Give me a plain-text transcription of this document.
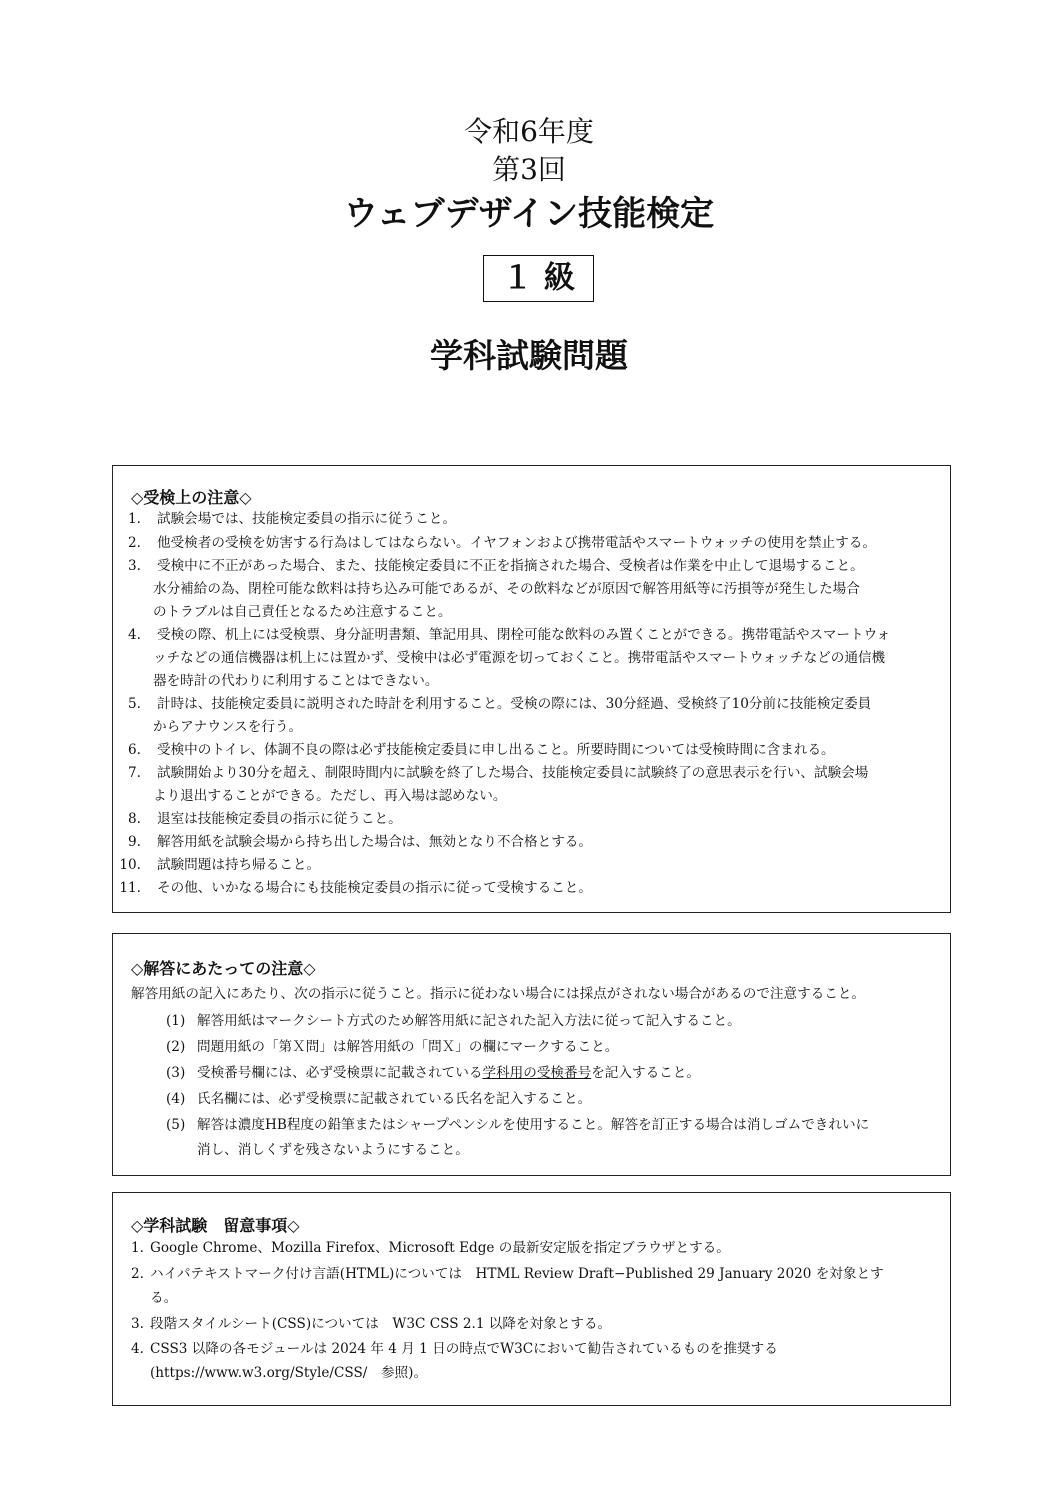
令和6年度
第3回
ウェブデザイン技能検定
１ 級
学科試験問題
◇受検上の注意◇
1. 試験会場では、技能検定委員の指示に従うこと。
2. 他受検者の受検を妨害する行為はしてはならない。イヤフォンおよび携帯電話やスマートウォッチの使用を禁止する。
3. 受検中に不正があった場合、また、技能検定委員に不正を指摘された場合、受検者は作業を中止して退場すること。
水分補給の為、閉栓可能な飲料は持ち込み可能であるが、その飲料などが原因で解答用紙等に汚損等が発生した場合
のトラブルは自己責任となるため注意すること。
4. 受検の際、机上には受検票、身分証明書類、筆記用具、閉栓可能な飲料のみ置くことができる。携帯電話やスマートウォ
ッチなどの通信機器は机上には置かず、受検中は必ず電源を切っておくこと。携帯電話やスマートウォッチなどの通信機
器を時計の代わりに利用することはできない。
5. 計時は、技能検定委員に説明された時計を利用すること。受検の際には、30分経過、受検終了10分前に技能検定委員
からアナウンスを行う。
6. 受検中のトイレ、体調不良の際は必ず技能検定委員に申し出ること。所要時間については受検時間に含まれる。
7. 試験開始より30分を超え、制限時間内に試験を終了した場合、技能検定委員に試験終了の意思表示を行い、試験会場
より退出することができる。ただし、再入場は認めない。
8. 退室は技能検定委員の指示に従うこと。
9. 解答用紙を試験会場から持ち出した場合は、無効となり不合格とする。
10. 試験問題は持ち帰ること。
11. その他、いかなる場合にも技能検定委員の指示に従って受検すること。
◇解答にあたっての注意◇
解答用紙の記入にあたり、次の指示に従うこと。指示に従わない場合には採点がされない場合があるので注意すること。
(1) 解答用紙はマークシート方式のため解答用紙に記された記入方法に従って記入すること。
(2) 問題用紙の「第Ｘ問」は解答用紙の「問Ｘ」の欄にマークすること。
(3) 受検番号欄には、必ず受検票に記載されている学科用の受検番号を記入すること。
(4) 氏名欄には、必ず受検票に記載されている氏名を記入すること。
(5) 解答は濃度HB程度の鉛筆またはシャープペンシルを使用すること。解答を訂正する場合は消しゴムできれいに
消し、消しくずを残さないようにすること。
◇学科試験　留意事項◇
1. Google Chrome、Mozilla Firefox、Microsoft Edge の最新安定版を指定ブラウザとする。
2. ハイパテキストマーク付け言語(HTML)については　HTML Review Draft−Published 29 January 2020 を対象とす
る。
3. 段階スタイルシート(CSS)については　W3C CSS 2.1 以降を対象とする。
4. CSS3 以降の各モジュールは 2024 年 4 月 1 日の時点でW3Cにおいて勧告されているものを推奨する
(https://www.w3.org/Style/CSS/　参照)。
